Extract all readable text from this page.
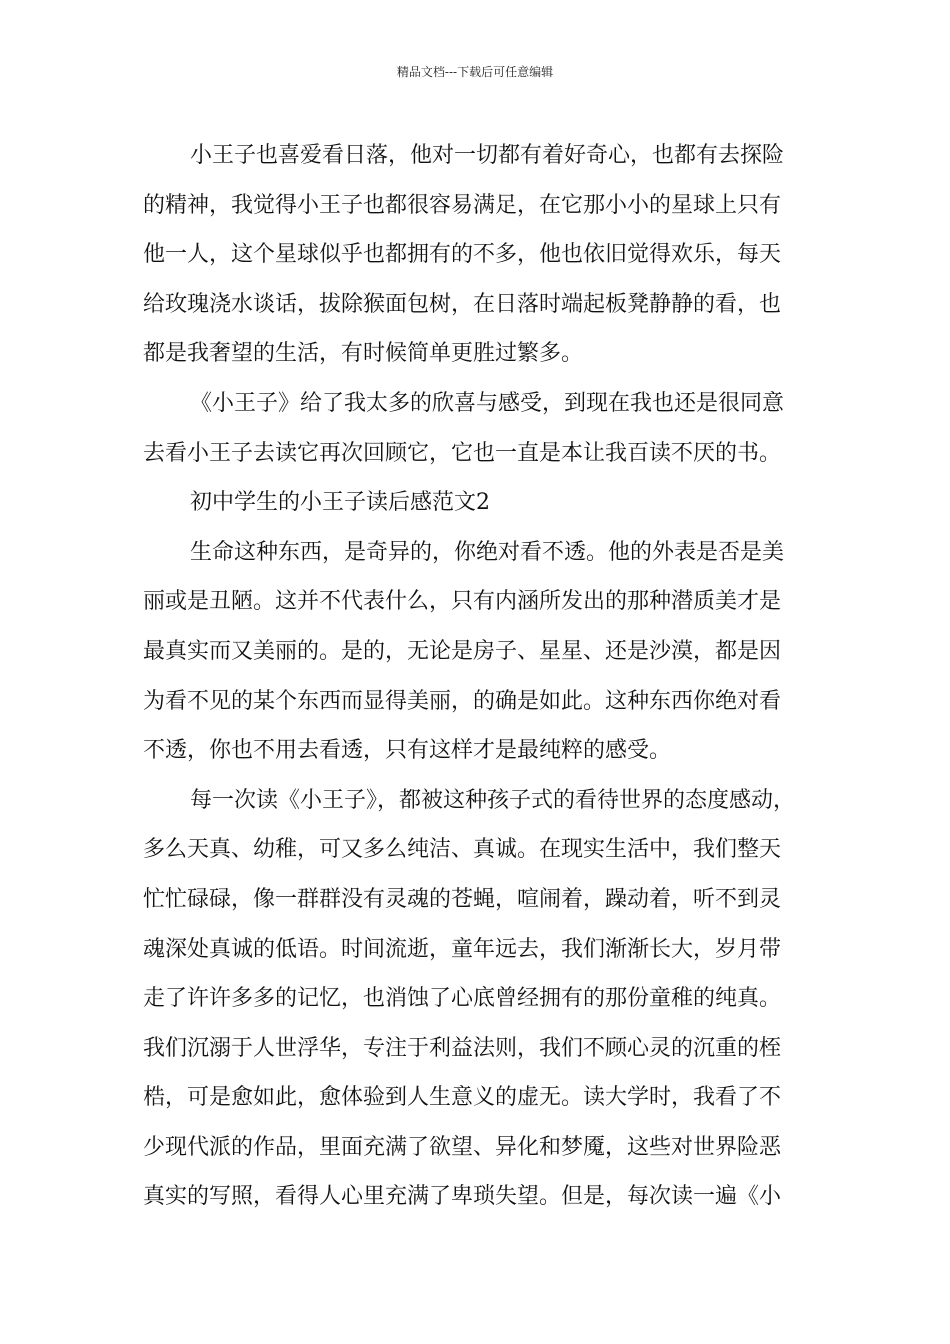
精品文档---下载后可任意编辑
小王子也喜爱看日落，他对一切都有着好奇心，也都有去探险
的精神，我觉得小王子也都很容易满足，在它那小小的星球上只有
他一人，这个星球似乎也都拥有的不多，他也依旧觉得欢乐，每天
给玫瑰浇水谈话，拔除猴面包树，在日落时端起板凳静静的看，也
都是我奢望的生活，有时候简单更胜过繁多。
《小王子》给了我太多的欣喜与感受，到现在我也还是很同意
去看小王子去读它再次回顾它，它也一直是本让我百读不厌的书。
初中学生的小王子读后感范文2
生命这种东西，是奇异的，你绝对看不透。他的外表是否是美
丽或是丑陋。这并不代表什么，只有内涵所发出的那种潜质美才是
最真实而又美丽的。是的，无论是房子、星星、还是沙漠，都是因
为看不见的某个东西而显得美丽，的确是如此。这种东西你绝对看
不透，你也不用去看透，只有这样才是最纯粹的感受。
每一次读《小王子》，都被这种孩子式的看待世界的态度感动，
多么天真、幼稚，可又多么纯洁、真诚。在现实生活中，我们整天
忙忙碌碌，像一群群没有灵魂的苍蝇，喧闹着，躁动着，听不到灵
魂深处真诚的低语。时间流逝，童年远去，我们渐渐长大，岁月带
走了许许多多的记忆，也消蚀了心底曾经拥有的那份童稚的纯真。
我们沉溺于人世浮华，专注于利益法则，我们不顾心灵的沉重的桎
梏，可是愈如此，愈体验到人生意义的虚无。读大学时，我看了不
少现代派的作品，里面充满了欲望、异化和梦魇，这些对世界险恶
真实的写照，看得人心里充满了卑琐失望。但是，每次读一遍《小
